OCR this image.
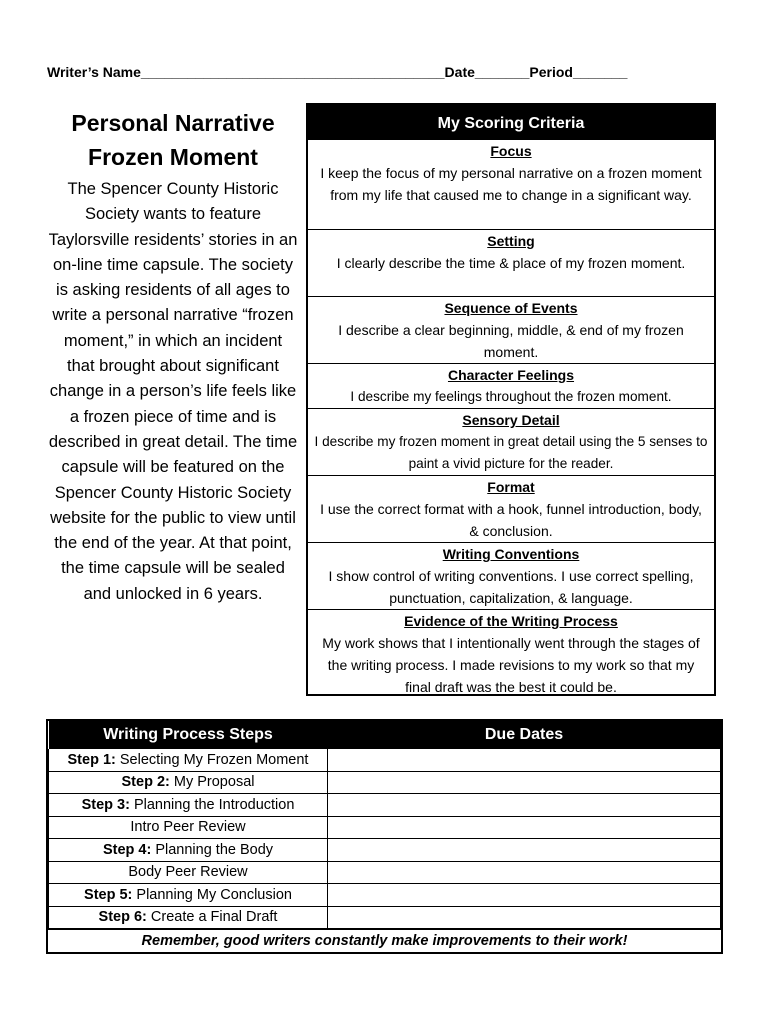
Writer’s Name_______________________________________Date_______Period_______

Personal Narrative
Frozen Moment

The Spencer County Historic Society wants to feature Taylorsville residents’ stories in an on-line time capsule. The society is asking residents of all ages to write a personal narrative “frozen moment,” in which an incident that brought about significant change in a person’s life feels like a frozen piece of time and is described in great detail. The time capsule will be featured on the Spencer County Historic Society website for the public to view until the end of the year. At that point, the time capsule will be sealed and unlocked in 6 years.

My Scoring Criteria
Focus
I keep the focus of my personal narrative on a frozen moment from my life that caused me to change in a significant way.
Setting
I clearly describe the time & place of my frozen moment.
Sequence of Events
I describe a clear beginning, middle, & end of my frozen moment.
Character Feelings
I describe my feelings throughout the frozen moment.
Sensory Detail
I describe my frozen moment in great detail using the 5 senses to paint a vivid picture for the reader.
Format
I use the correct format with a hook, funnel introduction, body, & conclusion.
Writing Conventions
I show control of writing conventions. I use correct spelling, punctuation, capitalization, & language.
Evidence of the Writing Process
My work shows that I intentionally went through the stages of the writing process. I made revisions to my work so that my final draft was the best it could be.
Writing Process Steps	Due Dates
Step 1: Selecting My Frozen Moment	
Step 2: My Proposal	
Step 3: Planning the Introduction	
Intro Peer Review	
Step 4: Planning the Body	
Body Peer Review	
Step 5: Planning My Conclusion	
Step 6: Create a Final Draft	
Remember, good writers constantly make improvements to their work!
